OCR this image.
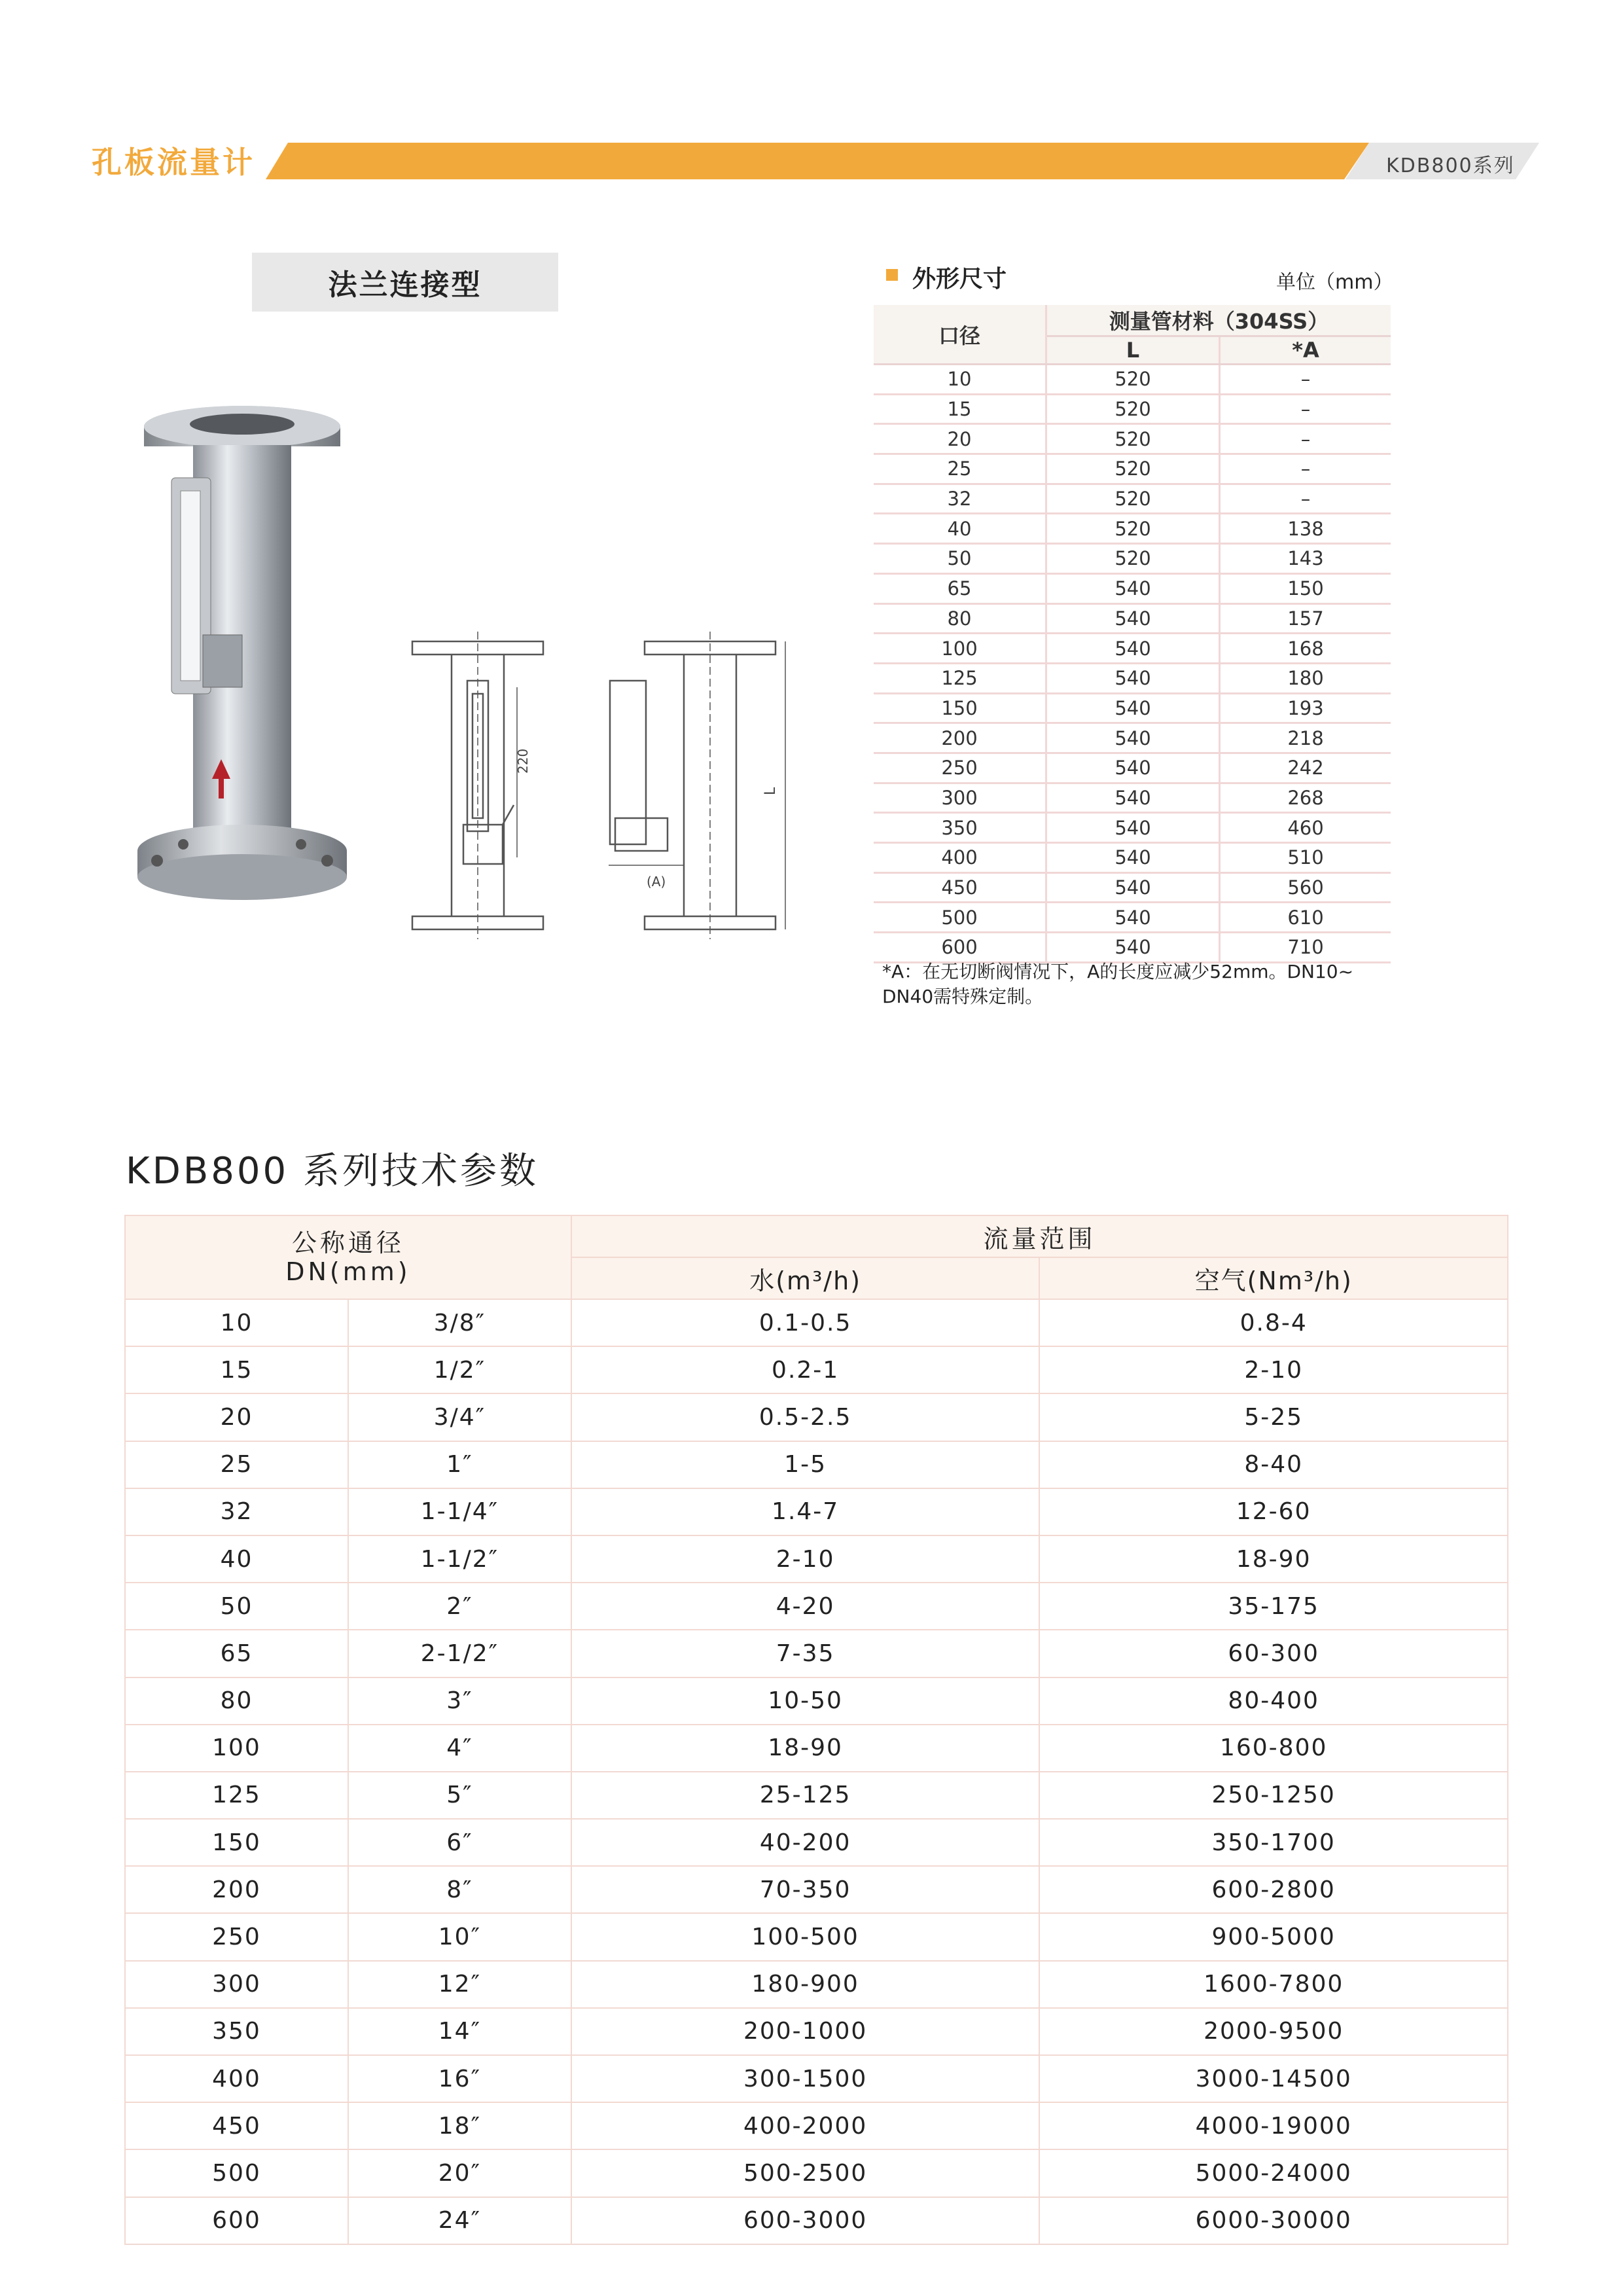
孔板流量计	KDB800系列
法兰连接型
220
(A)
L
外形尺寸	单位（mm）
口径	测量管材料（304SS）	
	L	*A
10	520	–
15	520	–
20	520	–
25	520	–
32	520	–
40	520	138
50	520	143
65	540	150
80	540	157
100	540	168
125	540	180
150	540	193
200	540	218
250	540	242
300	540	268
350	540	460
400	540	510
450	540	560
500	540	610
600	540	710
*A：在无切断阀情况下，A的长度应减少52mm。DN10~
DN40需特殊定制。
KDB800 系列技术参数
公称通径
DN(mm)		流量范围	
		水(m³/h)	空气(Nm³/h)
10	3/8″	0.1-0.5	0.8-4
15	1/2″	0.2-1	2-10
20	3/4″	0.5-2.5	5-25
25	1″	1-5	8-40
32	1-1/4″	1.4-7	12-60
40	1-1/2″	2-10	18-90
50	2″	4-20	35-175
65	2-1/2″	7-35	60-300
80	3″	10-50	80-400
100	4″	18-90	160-800
125	5″	25-125	250-1250
150	6″	40-200	350-1700
200	8″	70-350	600-2800
250	10″	100-500	900-5000
300	12″	180-900	1600-7800
350	14″	200-1000	2000-9500
400	16″	300-1500	3000-14500
450	18″	400-2000	4000-19000
500	20″	500-2500	5000-24000
600	24″	600-3000	6000-30000
